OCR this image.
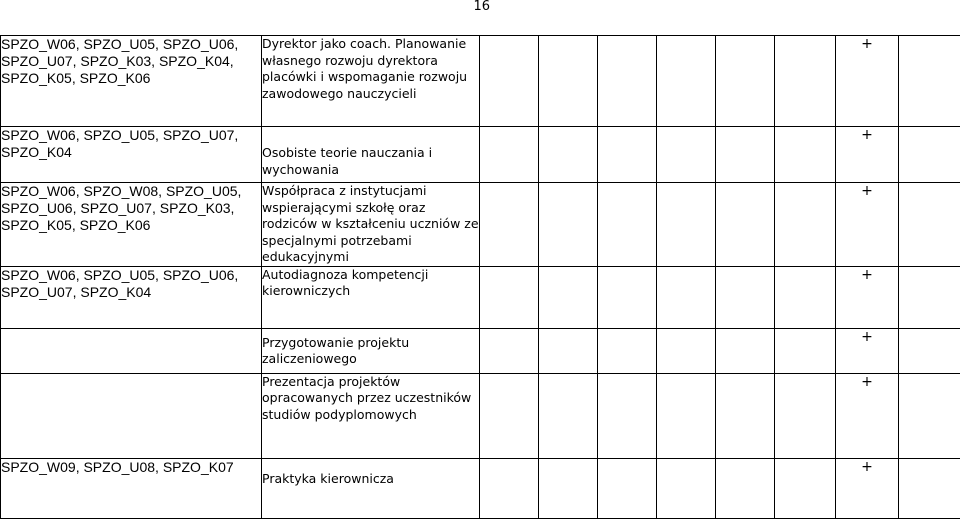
16
SPZO_W06, SPZO_U05, SPZO_U06, SPZO_U07, SPZO_K03, SPZO_K04, SPZO_K05, SPZO_K06	Dyrektor jako coach. Planowanie własnego rozwoju dyrektora placówki i wspomaganie rozwoju zawodowego nauczycieli							+	
SPZO_W06, SPZO_U05, SPZO_U07, SPZO_K04	Osobiste teorie nauczania i wychowania							+	
SPZO_W06, SPZO_W08, SPZO_U05, SPZO_U06, SPZO_U07, SPZO_K03, SPZO_K05, SPZO_K06	Współpraca z instytucjami wspierającymi szkołę oraz rodziców w kształceniu uczniów ze specjalnymi potrzebami edukacyjnymi							+	
SPZO_W06, SPZO_U05, SPZO_U06, SPZO_U07, SPZO_K04	Autodiagnoza kompetencji kierowniczych							+	
	Przygotowanie projektu zaliczeniowego							+	
	Prezentacja projektów opracowanych przez uczestników studiów podyplomowych							+	
SPZO_W09, SPZO_U08, SPZO_K07	Praktyka kierownicza							+	
